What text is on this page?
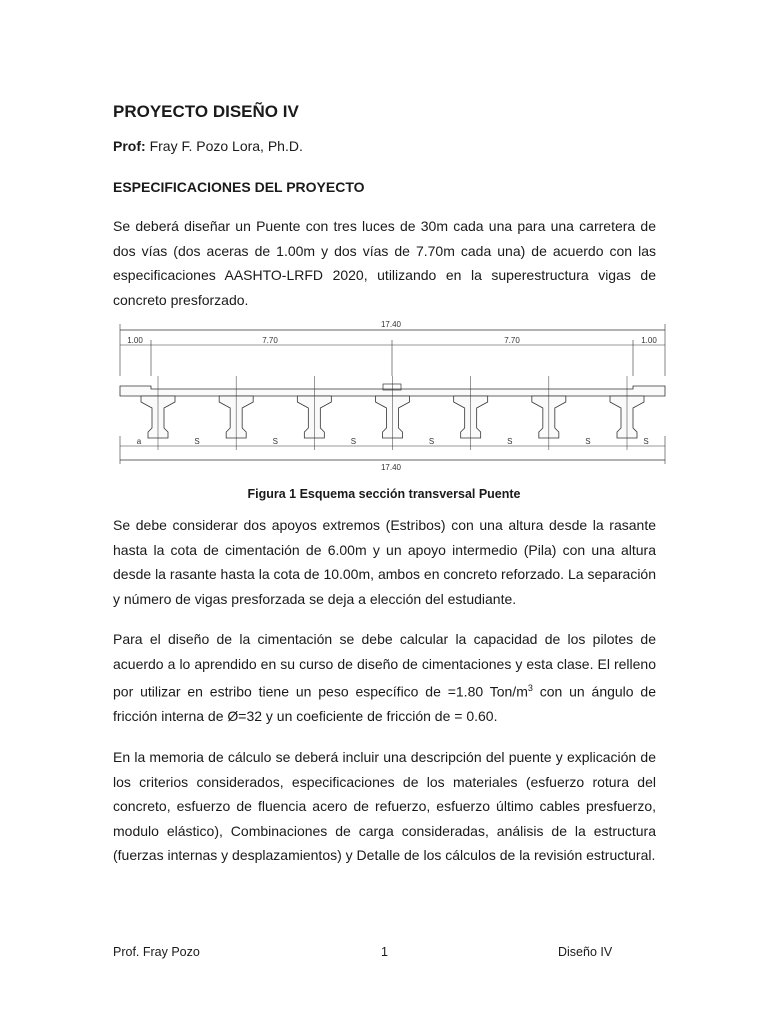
PROYECTO DISEÑO IV
Prof: Fray F. Pozo Lora, Ph.D.
ESPECIFICACIONES DEL PROYECTO

Se deberá diseñar un Puente con tres luces de 30m cada una para una carretera de dos vías (dos aceras de 1.00m y dos vías de 7.70m cada una) de acuerdo con las especificaciones AASHTO-LRFD 2020, utilizando en la superestructura vigas de concreto presforzado.

17.40
1.00	7.70	7.70	1.00
a	S	S	S	S	S	S	S
17.40
Figura 1 Esquema sección transversal Puente

Se debe considerar dos apoyos extremos (Estribos) con una altura desde la rasante hasta la cota de cimentación de 6.00m y un apoyo intermedio (Pila) con una altura desde la rasante hasta la cota de 10.00m, ambos en concreto reforzado. La separación y número de vigas presforzada se deja a elección del estudiante.

Para el diseño de la cimentación se debe calcular la capacidad de los pilotes de acuerdo a lo aprendido en su curso de diseño de cimentaciones y esta clase. El relleno por utilizar en estribo tiene un peso específico de =1.80 Ton/$m^3$ con un ángulo de fricción interna de Ø=32 y un coeficiente de fricción de = 0.60.

En la memoria de cálculo se deberá incluir una descripción del puente y explicación de los criterios considerados, especificaciones de los materiales (esfuerzo rotura del concreto, esfuerzo de fluencia acero de refuerzo, esfuerzo último cables presfuerzo, modulo elástico), Combinaciones de carga consideradas, análisis de la estructura (fuerzas internas y desplazamientos) y Detalle de los cálculos de la revisión estructural.

Prof. Fray Pozo	1	Diseño IV
